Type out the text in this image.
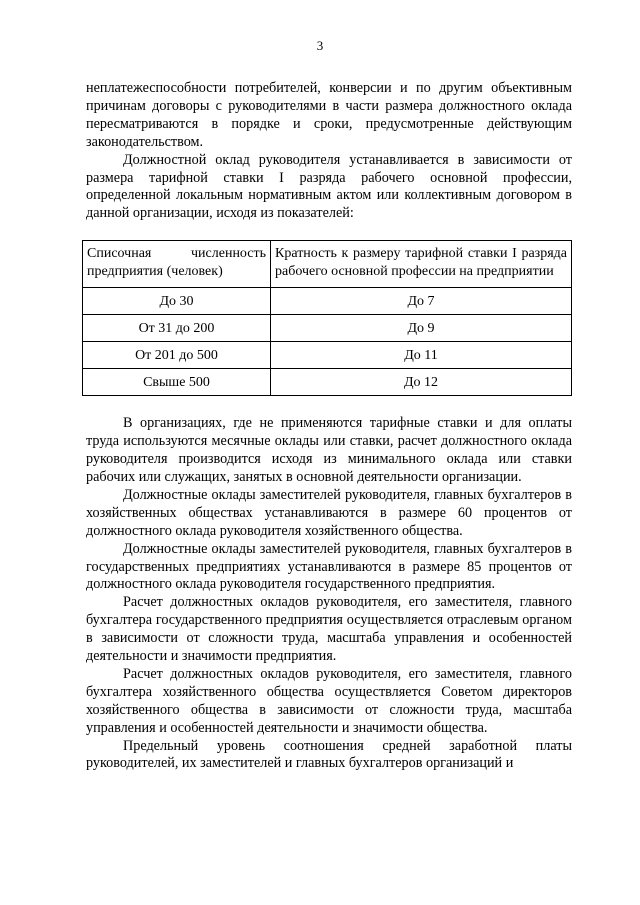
3

неплатежеспособности потребителей, конверсии и по другим объективным причинам договоры с руководителями в части размера должностного оклада пересматриваются в порядке и сроки, предусмотренные действующим законодательством.

Должностной оклад руководителя устанавливается в зависимости от размера тарифной ставки I разряда рабочего основной профессии, определенной локальным нормативным актом или коллективным договором в данной организации, исходя из показателей:

Списочная численность предприятия (человек)	Кратность к размеру тарифной ставки I разряда рабочего основной профессии на предприятии
До 30	До 7
От 31 до 200	До 9
От 201 до 500	До 11
Свыше 500	До 12

В организациях, где не применяются тарифные ставки и для оплаты труда используются месячные оклады или ставки, расчет должностного оклада руководителя производится исходя из минимального оклада или ставки рабочих или служащих, занятых в основной деятельности организации.

Должностные оклады заместителей руководителя, главных бухгалтеров в хозяйственных обществах устанавливаются в размере 60 процентов от должностного оклада руководителя хозяйственного общества.

Должностные оклады заместителей руководителя, главных бухгалтеров в государственных предприятиях устанавливаются в размере 85 процентов от должностного оклада руководителя государственного предприятия.

Расчет должностных окладов руководителя, его заместителя, главного бухгалтера государственного предприятия осуществляется отраслевым органом в зависимости от сложности труда, масштаба управления и особенностей деятельности и значимости предприятия.

Расчет должностных окладов руководителя, его заместителя, главного бухгалтера хозяйственного общества осуществляется Советом директоров хозяйственного общества в зависимости от сложности труда, масштаба управления и особенностей деятельности и значимости общества.

Предельный уровень соотношения средней заработной платы руководителей, их заместителей и главных бухгалтеров организаций и
